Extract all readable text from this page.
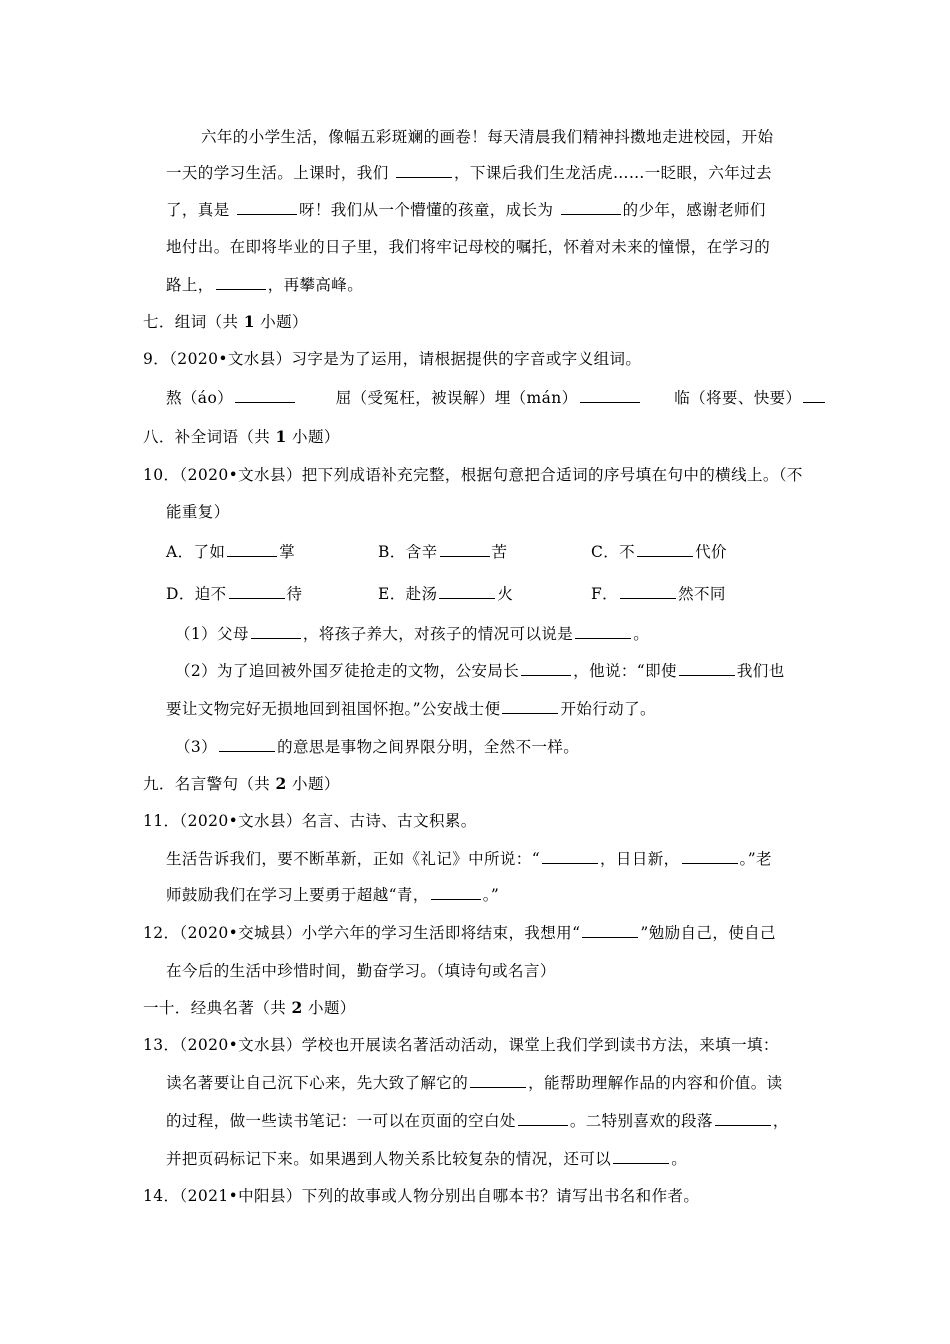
六年的小学生活，像幅五彩斑斓的画卷！每天清晨我们精神抖擞地走进校园，开始
一天的学习生活。上课时，我们	，下课后我们生龙活虎……一眨眼，六年过去
了，真是	呀！我们从一个懵懂的孩童，成长为	的少年，感谢老师们
地付出。在即将毕业的日子里，我们将牢记母校的嘱托，怀着对未来的憧憬，在学习的
路上，	，再攀高峰。
七．组词（共 1 小题）
9．（2020•文水县）习字是为了运用，请根据提供的字音或字义组词。
熬（áo）	屈（受冤枉，被误解）埋（mán）	临（将要、快要）
八．补全词语（共 1 小题）
10．（2020•文水县）把下列成语补充完整，根据句意把合适词的序号填在句中的横线上。（不
能重复）
A．了如	掌	B．含辛	苦	C．不	代价
D．迫不	待	E．赴汤	火	F．	然不同
（1）父母	，将孩子养大，对孩子的情况可以说是	。
（2）为了追回被外国歹徒抢走的文物，公安局长	，他说：“即使	我们也
要让文物完好无损地回到祖国怀抱。”公安战士便	开始行动了。
（3）	的意思是事物之间界限分明，全然不一样。
九．名言警句（共 2 小题）
11．（2020•文水县）名言、古诗、古文积累。
生活告诉我们，要不断革新，正如《礼记》中所说：“	，日日新，	。”老
师鼓励我们在学习上要勇于超越“青，	。”
12．（2020•交城县）小学六年的学习生活即将结束，我想用“	”勉励自己，使自己
在今后的生活中珍惜时间，勤奋学习。（填诗句或名言）
一十．经典名著（共 2 小题）
13．（2020•文水县）学校也开展读名著活动活动，课堂上我们学到读书方法，来填一填：
读名著要让自己沉下心来，先大致了解它的	，能帮助理解作品的内容和价值。读
的过程，做一些读书笔记：一可以在页面的空白处	。二特别喜欢的段落	，
并把页码标记下来。如果遇到人物关系比较复杂的情况，还可以	。
14．（2021•中阳县）下列的故事或人物分别出自哪本书？请写出书名和作者。
